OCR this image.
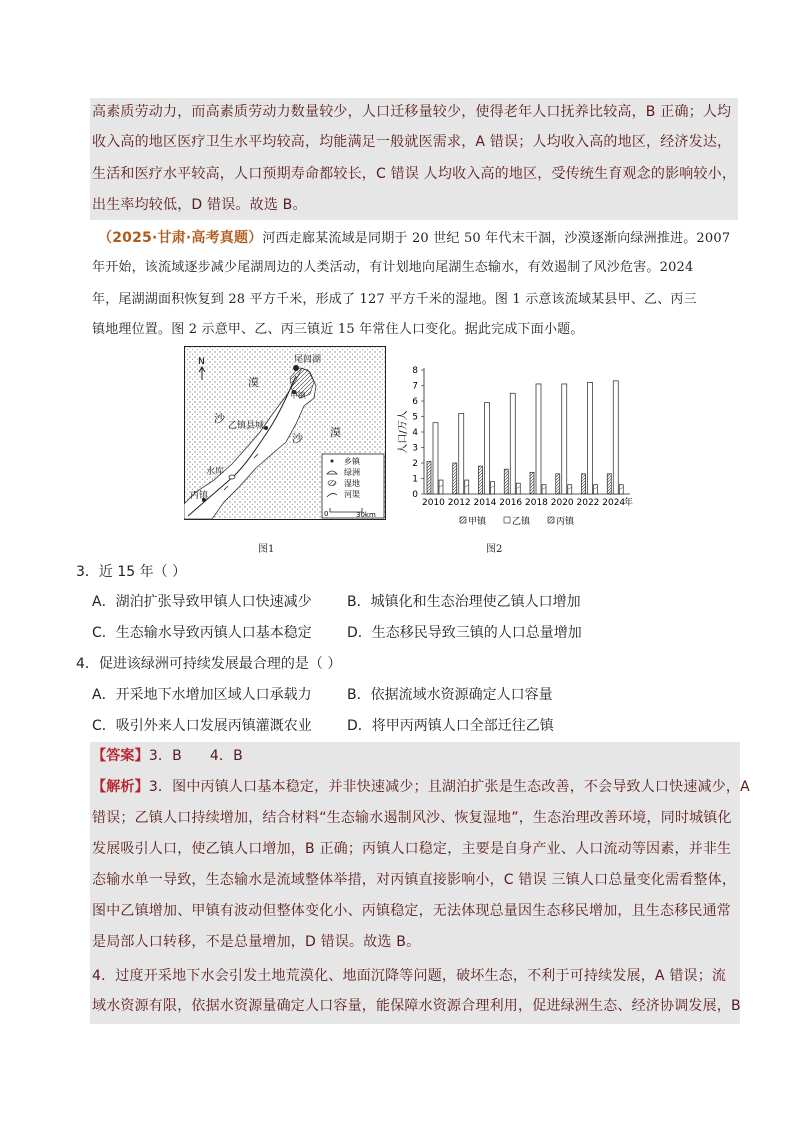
高素质劳动力，而高素质劳动力数量较少，人口迁移量较少，使得老年人口抚养比较高，B 正确；人均
收入高的地区医疗卫生水平均较高，均能满足一般就医需求，A 错误；人均收入高的地区，经济发达，
生活和医疗水平较高，人口预期寿命都较长，C 错误 人均收入高的地区，受传统生育观念的影响较小，
出生率均较低，D 错误。故选 B。
（2025·甘肃·高考真题）河西走廊某流域是同期于 20 世纪 50 年代末干涸，沙漠逐渐向绿洲推进。2007
年开始，该流域逐步减少尾湖周边的人类活动，有计划地向尾湖生态输水，有效遏制了风沙危害。2024
年，尾湖湖面积恢复到 28 平方千米，形成了 127 平方千米的湿地。图 1 示意该流域某县甲、乙、丙三
镇地理位置。图 2 示意甲、乙、丙三镇近 15 年常住人口变化。据此完成下面小题。
N	尾闾湖
甲镇
乙镇县城
水库
丙镇
漠
沙
漠
沙
乡镇
绿洲
湿地
河渠
0	30km
图1
0
1
2
3
4
5
6
7
8
人口/万人
2010 2012 2014 2016 2018 2020 2022 2024
年
甲镇	乙镇	丙镇
图2
3．近 15 年（ ）
A．湖泊扩张导致甲镇人口快速减少	B．城镇化和生态治理使乙镇人口增加
C．生态输水导致丙镇人口基本稳定	D．生态移民导致三镇的人口总量增加
4．促进该绿洲可持续发展最合理的是（ ）
A．开采地下水增加区域人口承载力	B．依据流域水资源确定人口容量
C．吸引外来人口发展丙镇灌溉农业	D．将甲丙两镇人口全部迁往乙镇
【答案】3．B      4．B
【解析】3．图中丙镇人口基本稳定，并非快速减少；且湖泊扩张是生态改善，不会导致人口快速减少，A
错误；乙镇人口持续增加，结合材料“生态输水遏制风沙、恢复湿地”，生态治理改善环境，同时城镇化
发展吸引人口，使乙镇人口增加，B 正确；丙镇人口稳定，主要是自身产业、人口流动等因素，并非生
态输水单一导致，生态输水是流域整体举措，对丙镇直接影响小，C 错误 三镇人口总量变化需看整体，
图中乙镇增加、甲镇有波动但整体变化小、丙镇稳定，无法体现总量因生态移民增加，且生态移民通常
是局部人口转移，不是总量增加，D 错误。故选 B。
4．过度开采地下水会引发土地荒漠化、地面沉降等问题，破坏生态，不利于可持续发展，A 错误；流
域水资源有限，依据水资源量确定人口容量，能保障水资源合理利用，促进绿洲生态、经济协调发展，B
